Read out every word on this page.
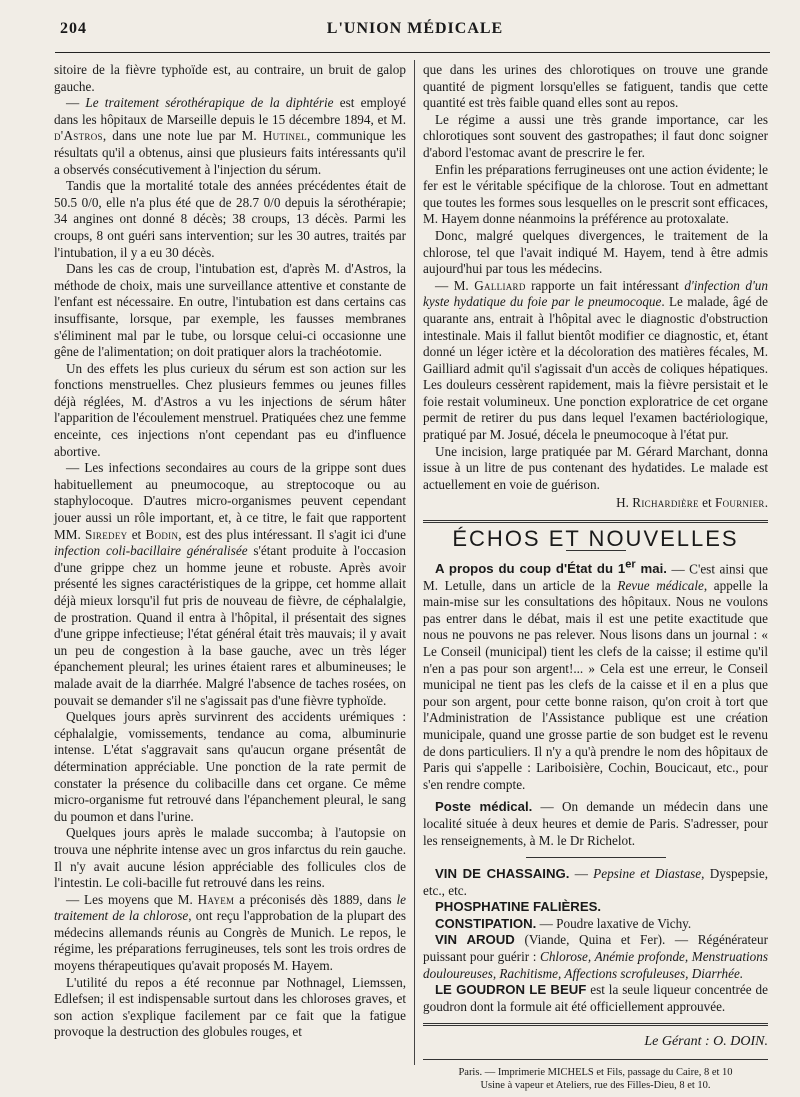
204	L'UNION MÉDICALE

sitoire de la fièvre typhoïde est, au contraire, un bruit de galop gauche.

— Le traitement sérothérapique de la diphtérie est employé dans les hôpitaux de Marseille depuis le 15 décembre 1894, et M. d'Astros, dans une note lue par M. Hutinel, communique les résultats qu'il a obtenus, ainsi que plusieurs faits intéressants qu'il a observés consécutivement à l'injection du sérum.

Tandis que la mortalité totale des années précédentes était de 50.5 0/0, elle n'a plus été que de 28.7 0/0 depuis la sérothérapie; 34 angines ont donné 8 décès; 38 croups, 13 décès. Parmi les croups, 8 ont guéri sans intervention; sur les 30 autres, traités par l'intubation, il y a eu 30 décès.

Dans les cas de croup, l'intubation est, d'après M. d'Astros, la méthode de choix, mais une surveillance attentive et constante de l'enfant est nécessaire. En outre, l'intubation est dans certains cas insuffisante, lorsque, par exemple, les fausses membranes s'éliminent mal par le tube, ou lorsque celui-ci occasionne une gêne de l'alimentation; on doit pratiquer alors la trachéotomie.

Un des effets les plus curieux du sérum est son action sur les fonctions menstruelles. Chez plusieurs femmes ou jeunes filles déjà réglées, M. d'Astros a vu les injections de sérum hâter l'apparition de l'écoulement menstruel. Pratiquées chez une femme enceinte, ces injections n'ont cependant pas eu d'influence abortive.

— Les infections secondaires au cours de la grippe sont dues habituellement au pneumocoque, au streptocoque ou au staphylocoque. D'autres micro-organismes peuvent cependant jouer aussi un rôle important, et, à ce titre, le fait que rapportent MM. Siredey et Bodin, est des plus intéressant. Il s'agit ici d'une infection coli-bacillaire généralisée s'étant produite à l'occasion d'une grippe chez un homme jeune et robuste. Après avoir présenté les signes caractéristiques de la grippe, cet homme allait déjà mieux lorsqu'il fut pris de nouveau de fièvre, de céphalalgie, de prostration. Quand il entra à l'hôpital, il présentait des signes d'une grippe infectieuse; l'état général était très mauvais; il y avait un peu de congestion à la base gauche, avec un très léger épanchement pleural; les urines étaient rares et albumineuses; le malade avait de la diarrhée. Malgré l'absence de taches rosées, on pouvait se demander s'il ne s'agissait pas d'une fièvre typhoïde.

Quelques jours après survinrent des accidents urémiques : céphalalgie, vomissements, tendance au coma, albuminurie intense. L'état s'aggravait sans qu'aucun organe présentât de détermination appréciable. Une ponction de la rate permit de constater la présence du colibacille dans cet organe. Ce même micro-organisme fut retrouvé dans l'épanchement pleural, le sang du poumon et dans l'urine.

Quelques jours après le malade succomba; à l'autopsie on trouva une néphrite intense avec un gros infarctus du rein gauche. Il n'y avait aucune lésion appréciable des follicules clos de l'intestin. Le coli-bacille fut retrouvé dans les reins.

— Les moyens que M. Hayem a préconisés dès 1889, dans le traitement de la chlorose, ont reçu l'approbation de la plupart des médecins allemands réunis au Congrès de Munich. Le repos, le régime, les préparations ferrugineuses, tels sont les trois ordres de moyens thérapeutiques qu'avait proposés M. Hayem.

L'utilité du repos a été reconnue par Nothnagel, Liemssen, Edlefsen; il est indispensable surtout dans les chloroses graves, et son action s'explique facilement par ce fait que la fatigue provoque la destruction des globules rouges, et

que dans les urines des chlorotiques on trouve une grande quantité de pigment lorsqu'elles se fatiguent, tandis que cette quantité est très faible quand elles sont au repos.

Le régime a aussi une très grande importance, car les chlorotiques sont souvent des gastropathes; il faut donc soigner d'abord l'estomac avant de prescrire le fer.

Enfin les préparations ferrugineuses ont une action évidente; le fer est le véritable spécifique de la chlorose. Tout en admettant que toutes les formes sous lesquelles on le prescrit sont efficaces, M. Hayem donne néanmoins la préférence au protoxalate.

Donc, malgré quelques divergences, le traitement de la chlorose, tel que l'avait indiqué M. Hayem, tend à être admis aujourd'hui par tous les médecins.

— M. Galliard rapporte un fait intéressant d'infection d'un kyste hydatique du foie par le pneumocoque. Le malade, âgé de quarante ans, entrait à l'hôpital avec le diagnostic d'obstruction intestinale. Mais il fallut bientôt modifier ce diagnostic, et, étant donné un léger ictère et la décoloration des matières fécales, M. Gailliard admit qu'il s'agissait d'un accès de coliques hépatiques. Les douleurs cessèrent rapidement, mais la fièvre persistait et le foie restait volumineux. Une ponction exploratrice de cet organe permit de retirer du pus dans lequel l'examen bactériologique, pratiqué par M. Josué, décela le pneumocoque à l'état pur.

Une incision, large pratiquée par M. Gérard Marchant, donna issue à un litre de pus contenant des hydatides. Le malade est actuellement en voie de guérison.

H. Richardière et Fournier.
ÉCHOS ET NOUVELLES

A propos du coup d'État du 1er mai. — C'est ainsi que M. Letulle, dans un article de la Revue médicale, appelle la main-mise sur les consultations des hôpitaux. Nous ne voulons pas entrer dans le débat, mais il est une petite exactitude que nous ne pouvons ne pas relever. Nous lisons dans un journal : « Le Conseil (municipal) tient les clefs de la caisse; il estime qu'il n'en a pas pour son argent!... » Cela est une erreur, le Conseil municipal ne tient pas les clefs de la caisse et il en a plus que pour son argent, pour cette bonne raison, qu'on croit à tort que l'Administration de l'Assistance publique est une création municipale, quand une grosse partie de son budget est le revenu de dons particuliers. Il n'y a qu'à prendre le nom des hôpitaux de Paris qui s'appelle : Lariboisière, Cochin, Boucicaut, etc., pour s'en rendre compte.

Poste médical. — On demande un médecin dans une localité située à deux heures et demie de Paris. S'adresser, pour les renseignements, à M. le Dr Richelot.

VIN DE CHASSAING. — Pepsine et Diastase, Dyspepsie, etc., etc.

PHOSPHATINE FALIÈRES.

CONSTIPATION. — Poudre laxative de Vichy.

VIN AROUD (Viande, Quina et Fer). — Régénérateur puissant pour guérir : Chlorose, Anémie profonde, Menstruations douloureuses, Rachitisme, Affections scrofuleuses, Diarrhée.

LE GOUDRON LE BEUF est la seule liqueur concentrée de goudron dont la formule ait été officiellement approuvée.

Le Gérant : O. DOIN.
Paris. — Imprimerie MICHELS et Fils, passage du Caire, 8 et 10
Usine à vapeur et Ateliers, rue des Filles-Dieu, 8 et 10.
